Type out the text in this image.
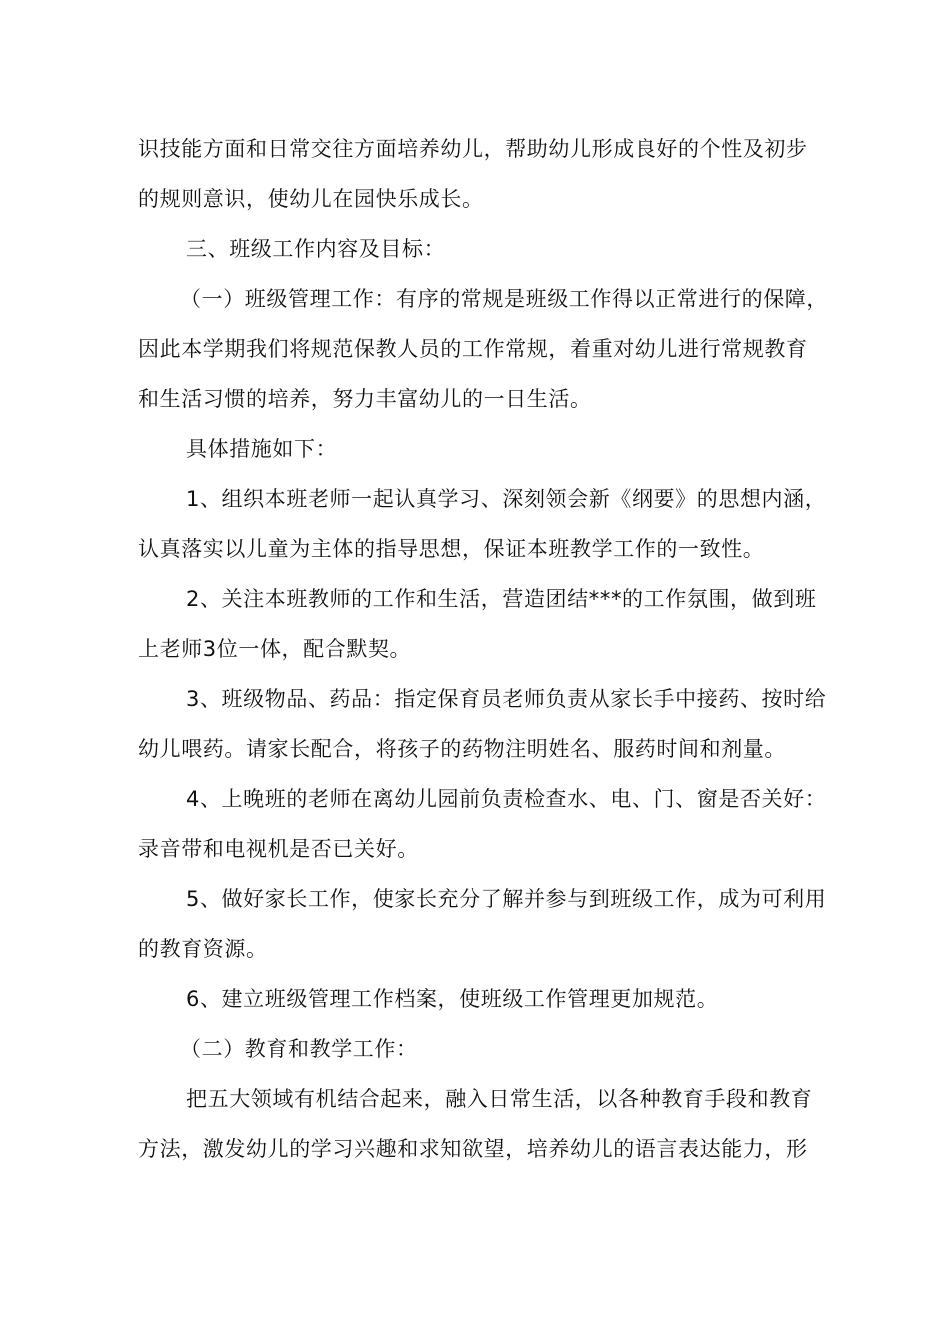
识技能方面和日常交往方面培养幼儿，帮助幼儿形成良好的个性及初步
的规则意识，使幼儿在园快乐成长。
三、班级工作内容及目标：
（一）班级管理工作：有序的常规是班级工作得以正常进行的保障，
因此本学期我们将规范保教人员的工作常规，着重对幼儿进行常规教育
和生活习惯的培养，努力丰富幼儿的一日生活。
具体措施如下：
1、组织本班老师一起认真学习、深刻领会新《纲要》的思想内涵，
认真落实以儿童为主体的指导思想，保证本班教学工作的一致性。
2、关注本班教师的工作和生活，营造团结***的工作氛围，做到班
上老师3位一体，配合默契。
3、班级物品、药品：指定保育员老师负责从家长手中接药、按时给
幼儿喂药。请家长配合，将孩子的药物注明姓名、服药时间和剂量。
4、上晚班的老师在离幼儿园前负责检查水、电、门、窗是否关好：
录音带和电视机是否已关好。
5、做好家长工作，使家长充分了解并参与到班级工作，成为可利用
的教育资源。
6、建立班级管理工作档案，使班级工作管理更加规范。
（二）教育和教学工作：
把五大领域有机结合起来，融入日常生活，以各种教育手段和教育
方法，激发幼儿的学习兴趣和求知欲望，培养幼儿的语言表达能力，形
